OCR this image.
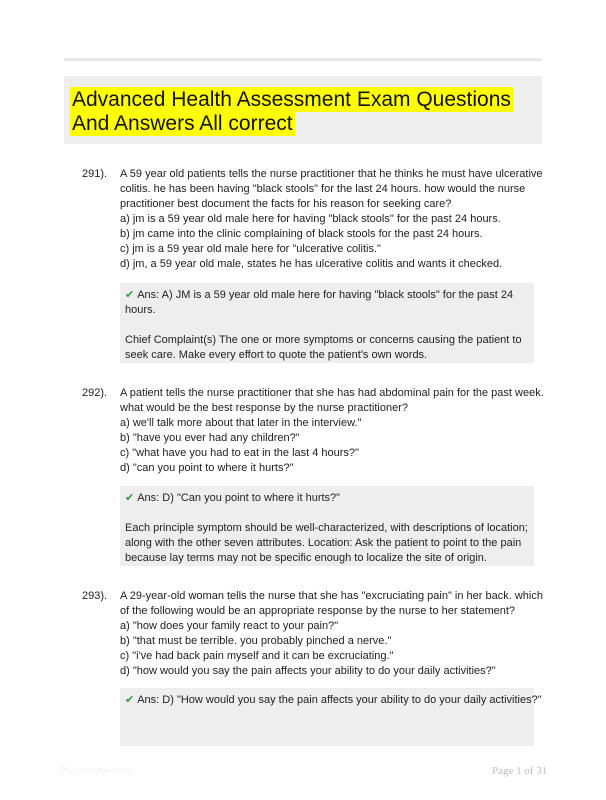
Advanced Health Assessment Exam Questions
And Answers All correct
291). A 59 year old patients tells the nurse practitioner that he thinks he must have ulcerative
colitis. he has been having "black stools" for the last 24 hours. how would the nurse
practitioner best document the facts for his reason for seeking care?
a) jm is a 59 year old male here for having "black stools" for the past 24 hours.
b) jm came into the clinic complaining of black stools for the past 24 hours.
c) jm is a 59 year old male here for "ulcerative colitis."
d) jm, a 59 year old male, states he has ulcerative colitis and wants it checked.
✔ Ans: A) JM is a 59 year old male here for having "black stools" for the past 24
hours.
Chief Complaint(s) The one or more symptoms or concerns causing the patient to
seek care. Make every effort to quote the patient's own words.
292). A patient tells the nurse practitioner that she has had abdominal pain for the past week.
what would be the best response by the nurse practitioner?
a) we'll talk more about that later in the interview."
b) "have you ever had any children?"
c) "what have you had to eat in the last 4 hours?"
d) "can you point to where it hurts?"
✔ Ans: D) "Can you point to where it hurts?"
Each principle symptom should be well-characterized, with descriptions of location;
along with the other seven attributes. Location: Ask the patient to point to the pain
because lay terms may not be specific enough to localize the site of origin.
293). A 29-year-old woman tells the nurse that she has "excruciating pain" in her back. which
of the following would be an appropriate response by the nurse to her statement?
a) "how does your family react to your pain?"
b) "that must be terrible. you probably pinched a nerve."
c) "i've had back pain myself and it can be excruciating."
d) "how would you say the pain affects your ability to do your daily activities?"
✔ Ans: D) "How would you say the pain affects your ability to do your daily activities?"
Papershtbe.com	Page 1 of 31
